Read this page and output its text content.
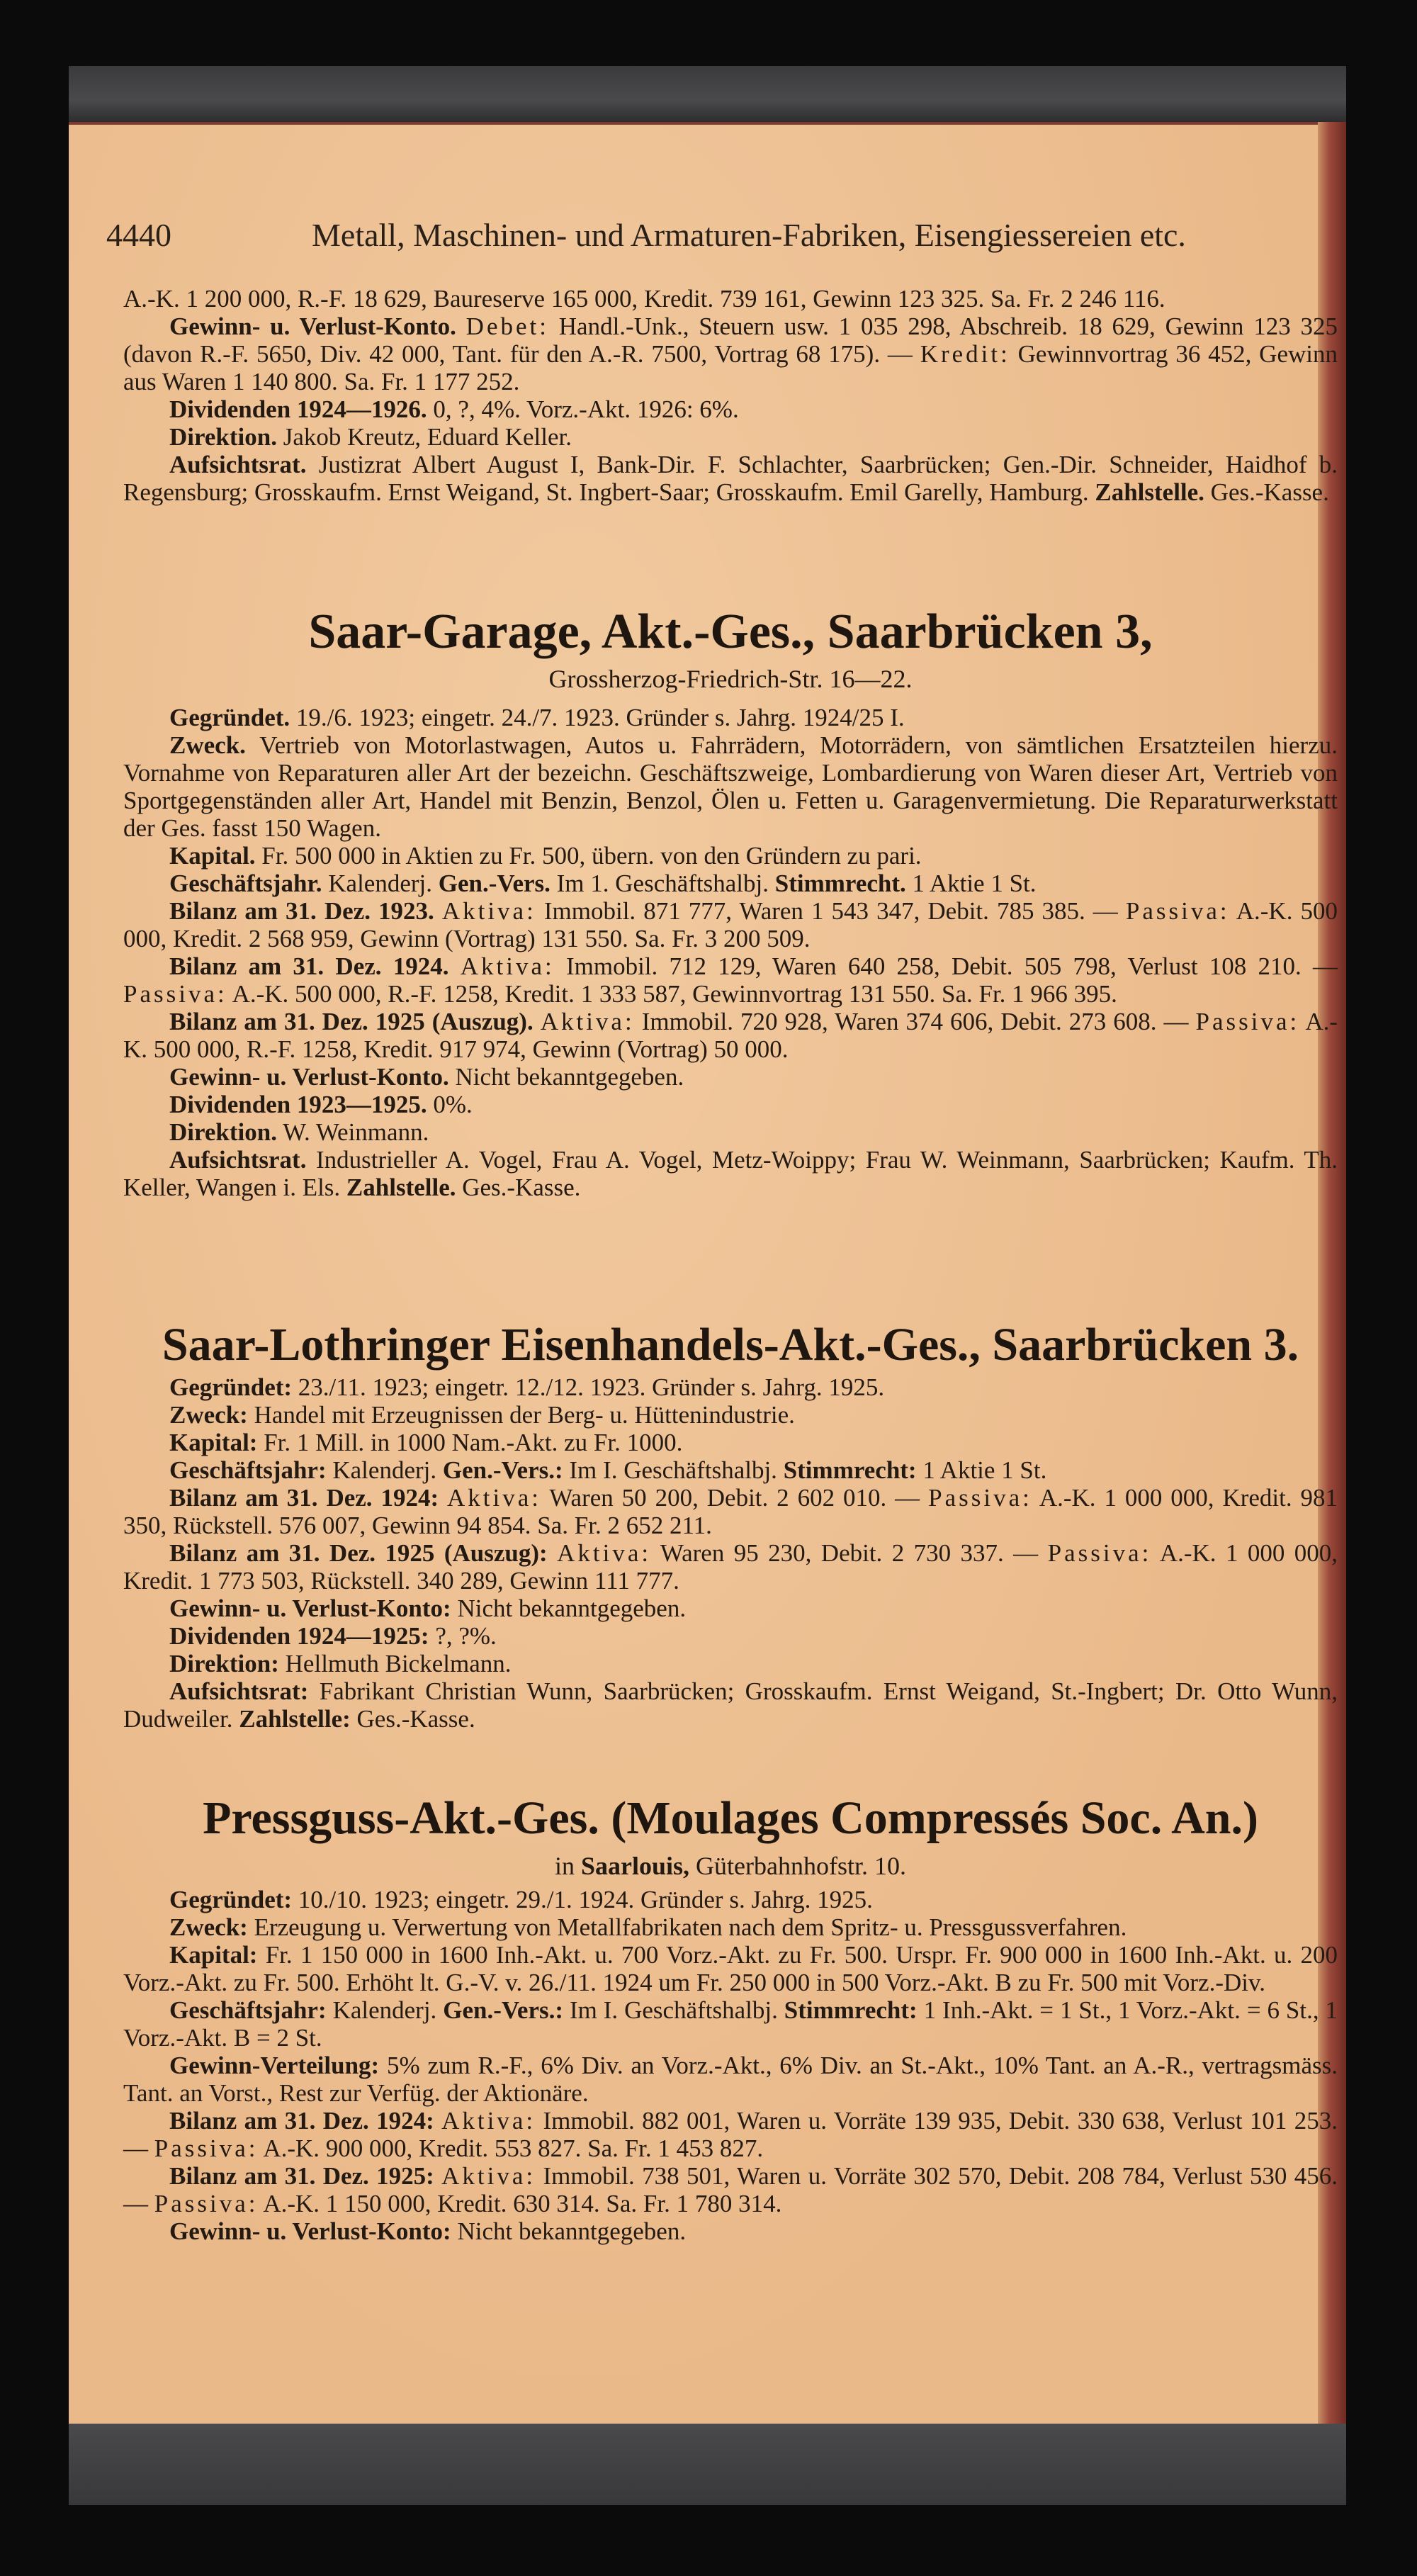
4440	Metall, Maschinen- und Armaturen-Fabriken, Eisengiessereien etc.

A.-K. 1 200 000, R.-F. 18 629, Baureserve 165 000, Kredit. 739 161, Gewinn 123 325. Sa. Fr. 2 246 116.

Gewinn- u. Verlust-Konto. Debet: Handl.-Unk., Steuern usw. 1 035 298, Abschreib. 18 629, Gewinn 123 325 (davon R.-F. 5650, Div. 42 000, Tant. für den A.-R. 7500, Vortrag 68 175). — Kredit: Gewinnvortrag 36 452, Gewinn aus Waren 1 140 800. Sa. Fr. 1 177 252.

Dividenden 1924—1926. 0, ?, 4%. Vorz.-Akt. 1926: 6%.

Direktion. Jakob Kreutz, Eduard Keller.

Aufsichtsrat. Justizrat Albert August I, Bank-Dir. F. Schlachter, Saarbrücken; Gen.-Dir. Schneider, Haidhof b. Regensburg; Grosskaufm. Ernst Weigand, St. Ingbert-Saar; Grosskaufm. Emil Garelly, Hamburg. Zahlstelle. Ges.-Kasse.

Saar-Garage, Akt.-Ges., Saarbrücken 3,
Grossherzog-Friedrich-Str. 16—22.

Gegründet. 19./6. 1923; eingetr. 24./7. 1923. Gründer s. Jahrg. 1924/25 I.

Zweck. Vertrieb von Motorlastwagen, Autos u. Fahrrädern, Motorrädern, von sämtlichen Ersatzteilen hierzu. Vornahme von Reparaturen aller Art der bezeichn. Geschäftszweige, Lombardierung von Waren dieser Art, Vertrieb von Sportgegenständen aller Art, Handel mit Benzin, Benzol, Ölen u. Fetten u. Garagenvermietung. Die Reparaturwerkstatt der Ges. fasst 150 Wagen.

Kapital. Fr. 500 000 in Aktien zu Fr. 500, übern. von den Gründern zu pari.

Geschäftsjahr. Kalenderj. Gen.-Vers. Im 1. Geschäftshalbj. Stimmrecht. 1 Aktie 1 St.

Bilanz am 31. Dez. 1923. Aktiva: Immobil. 871 777, Waren 1 543 347, Debit. 785 385. — Passiva: A.-K. 500 000, Kredit. 2 568 959, Gewinn (Vortrag) 131 550. Sa. Fr. 3 200 509.

Bilanz am 31. Dez. 1924. Aktiva: Immobil. 712 129, Waren 640 258, Debit. 505 798, Verlust 108 210. — Passiva: A.-K. 500 000, R.-F. 1258, Kredit. 1 333 587, Gewinnvortrag 131 550. Sa. Fr. 1 966 395.

Bilanz am 31. Dez. 1925 (Auszug). Aktiva: Immobil. 720 928, Waren 374 606, Debit. 273 608. — Passiva: A.-K. 500 000, R.-F. 1258, Kredit. 917 974, Gewinn (Vortrag) 50 000.

Gewinn- u. Verlust-Konto. Nicht bekanntgegeben.

Dividenden 1923—1925. 0%.

Direktion. W. Weinmann.

Aufsichtsrat. Industrieller A. Vogel, Frau A. Vogel, Metz-Woippy; Frau W. Weinmann, Saarbrücken; Kaufm. Th. Keller, Wangen i. Els. Zahlstelle. Ges.-Kasse.

Saar-Lothringer Eisenhandels-Akt.-Ges., Saarbrücken 3.

Gegründet: 23./11. 1923; eingetr. 12./12. 1923. Gründer s. Jahrg. 1925.

Zweck: Handel mit Erzeugnissen der Berg- u. Hüttenindustrie.

Kapital: Fr. 1 Mill. in 1000 Nam.-Akt. zu Fr. 1000.

Geschäftsjahr: Kalenderj. Gen.-Vers.: Im I. Geschäftshalbj. Stimmrecht: 1 Aktie 1 St.

Bilanz am 31. Dez. 1924: Aktiva: Waren 50 200, Debit. 2 602 010. — Passiva: A.-K. 1 000 000, Kredit. 981 350, Rückstell. 576 007, Gewinn 94 854. Sa. Fr. 2 652 211.

Bilanz am 31. Dez. 1925 (Auszug): Aktiva: Waren 95 230, Debit. 2 730 337. — Passiva: A.-K. 1 000 000, Kredit. 1 773 503, Rückstell. 340 289, Gewinn 111 777.

Gewinn- u. Verlust-Konto: Nicht bekanntgegeben.

Dividenden 1924—1925: ?, ?%.

Direktion: Hellmuth Bickelmann.

Aufsichtsrat: Fabrikant Christian Wunn, Saarbrücken; Grosskaufm. Ernst Weigand, St.-Ingbert; Dr. Otto Wunn, Dudweiler. Zahlstelle: Ges.-Kasse.

Pressguss-Akt.-Ges. (Moulages Compressés Soc. An.)
in Saarlouis, Güterbahnhofstr. 10.

Gegründet: 10./10. 1923; eingetr. 29./1. 1924. Gründer s. Jahrg. 1925.

Zweck: Erzeugung u. Verwertung von Metallfabrikaten nach dem Spritz- u. Pressgussverfahren.

Kapital: Fr. 1 150 000 in 1600 Inh.-Akt. u. 700 Vorz.-Akt. zu Fr. 500. Urspr. Fr. 900 000 in 1600 Inh.-Akt. u. 200 Vorz.-Akt. zu Fr. 500. Erhöht lt. G.-V. v. 26./11. 1924 um Fr. 250 000 in 500 Vorz.-Akt. B zu Fr. 500 mit Vorz.-Div.

Geschäftsjahr: Kalenderj. Gen.-Vers.: Im I. Geschäftshalbj. Stimmrecht: 1 Inh.-Akt. = 1 St., 1 Vorz.-Akt. = 6 St., 1 Vorz.-Akt. B = 2 St.

Gewinn-Verteilung: 5% zum R.-F., 6% Div. an Vorz.-Akt., 6% Div. an St.-Akt., 10% Tant. an A.-R., vertragsmäss. Tant. an Vorst., Rest zur Verfüg. der Aktionäre.

Bilanz am 31. Dez. 1924: Aktiva: Immobil. 882 001, Waren u. Vorräte 139 935, Debit. 330 638, Verlust 101 253. — Passiva: A.-K. 900 000, Kredit. 553 827. Sa. Fr. 1 453 827.

Bilanz am 31. Dez. 1925: Aktiva: Immobil. 738 501, Waren u. Vorräte 302 570, Debit. 208 784, Verlust 530 456. — Passiva: A.-K. 1 150 000, Kredit. 630 314. Sa. Fr. 1 780 314.

Gewinn- u. Verlust-Konto: Nicht bekanntgegeben.
